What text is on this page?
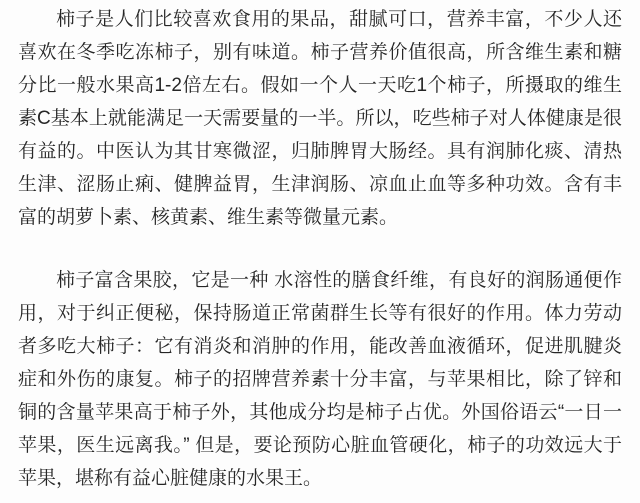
柿子是人们比较喜欢食用的果品，甜腻可口，营养丰富，不少人还喜欢在冬季吃冻柿子，别有味道。柿子营养价值很高，所含维生素和糖分比一般水果高1-2倍左右。假如一个人一天吃1个柿子，所摄取的维生素C基本上就能满足一天需要量的一半。所以，吃些柿子对人体健康是很有益的。中医认为其甘寒微涩，归肺脾胃大肠经。具有润肺化痰、清热生津、涩肠止痢、健脾益胃，生津润肠、凉血止血等多种功效。含有丰富的胡萝卜素、核黄素、维生素等微量元素。

柿子富含果胶，它是一种 水溶性的膳食纤维，有良好的润肠通便作用，对于纠正便秘，保持肠道正常菌群生长等有很好的作用。体力劳动者多吃大柿子：它有消炎和消肿的作用，能改善血液循环，促进肌腱炎症和外伤的康复。柿子的招牌营养素十分丰富，与苹果相比，除了锌和铜的含量苹果高于柿子外，其他成分均是柿子占优。外国俗语云“一日一苹果，医生远离我。” 但是，要论预防心脏血管硬化，柿子的功效远大于苹果，堪称有益心脏健康的水果王。
